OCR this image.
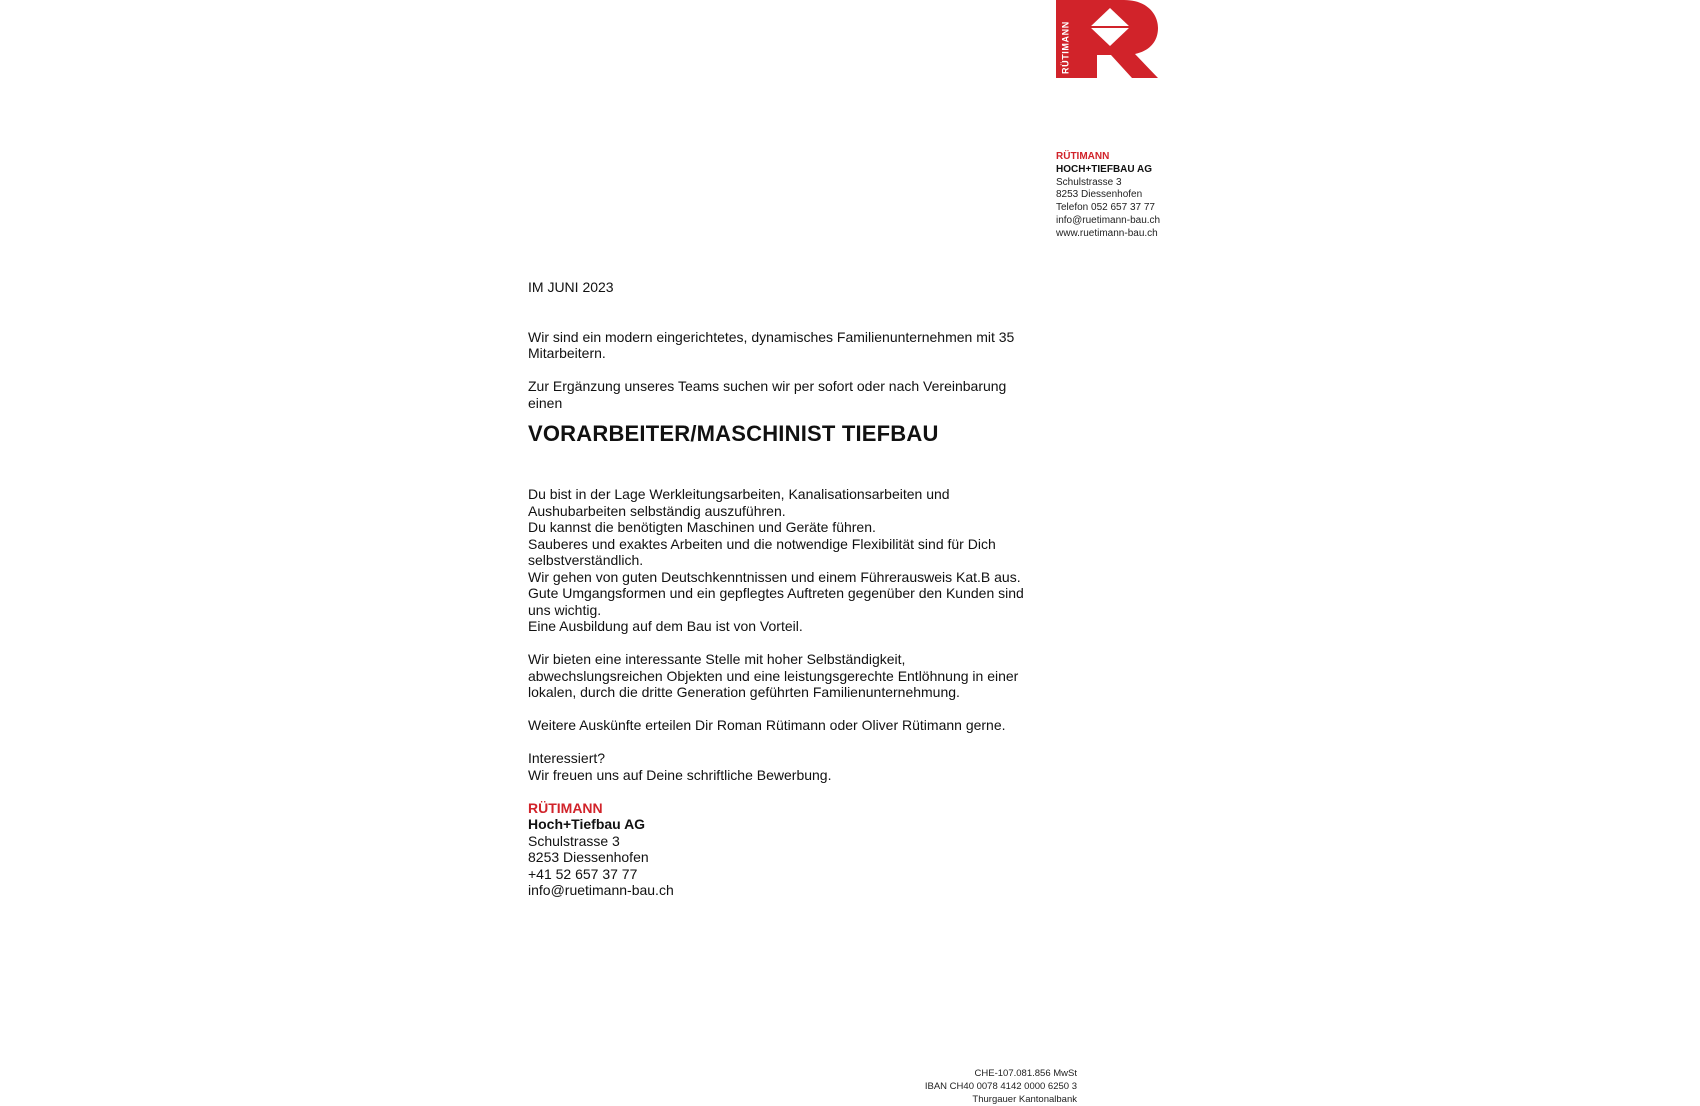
RÜTIMANN
RÜTIMANN
HOCH+TIEFBAU AG
Schulstrasse 3
8253 Diessenhofen
Telefon 052 657 37 77
info@ruetimann-bau.ch
www.ruetimann-bau.ch

IM JUNI 2023

Wir sind ein modern eingerichtetes, dynamisches Familienunternehmen mit 35 Mitarbeitern.

Zur Ergänzung unseres Teams suchen wir per sofort oder nach Vereinbarung einen

VORARBEITER/MASCHINIST TIEFBAU

Du bist in der Lage Werkleitungsarbeiten, Kanalisationsarbeiten und Aushubarbeiten selbständig auszuführen.
Du kannst die benötigten Maschinen und Geräte führen.
Sauberes und exaktes Arbeiten und die notwendige Flexibilität sind für Dich selbstverständlich.
Wir gehen von guten Deutschkenntnissen und einem Führerausweis Kat.B aus.
Gute Umgangsformen und ein gepflegtes Auftreten gegenüber den Kunden sind uns wichtig.
Eine Ausbildung auf dem Bau ist von Vorteil.

Wir bieten eine interessante Stelle mit hoher Selbständigkeit, abwechslungsreichen Objekten und eine leistungsgerechte Entlöhnung in einer lokalen, durch die dritte Generation geführten Familienunternehmung.

Weitere Auskünfte erteilen Dir Roman Rütimann oder Oliver Rütimann gerne.

Interessiert?
Wir freuen uns auf Deine schriftliche Bewerbung.
RÜTIMANN
Hoch+Tiefbau AG
Schulstrasse 3
8253 Diessenhofen
+41 52 657 37 77
info@ruetimann-bau.ch
CHE-107.081.856 MwSt
IBAN CH40 0078 4142 0000 6250 3
Thurgauer Kantonalbank
